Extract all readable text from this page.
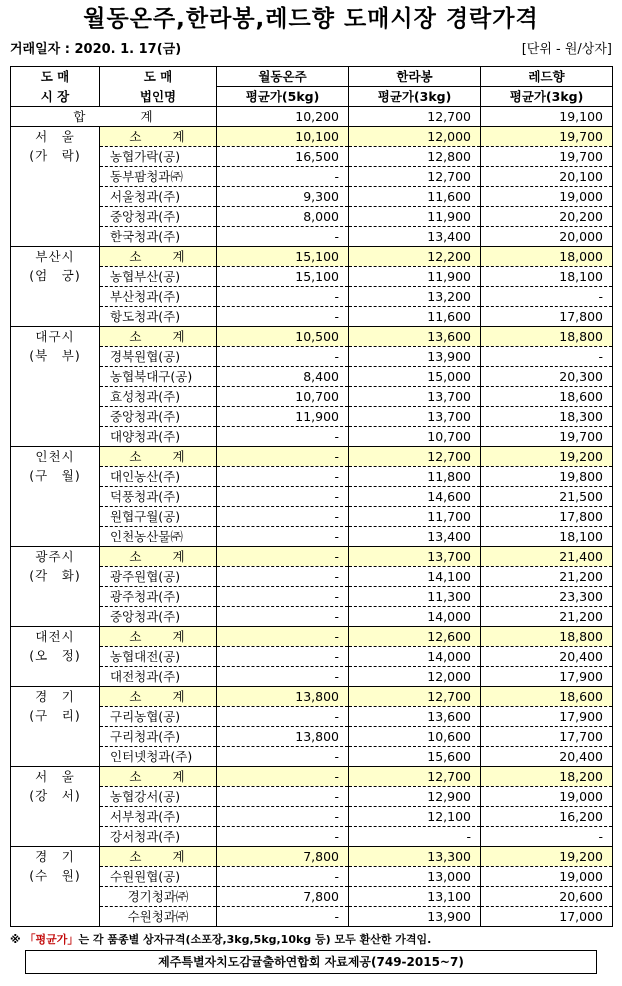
월동온주,한라봉,레드향 도매시장 경락가격
거래일자 : 2020. 1. 17(금)	[단위 - 원/상자]
도 매	도 매	월동온주	한라봉	레드향
시 장	법인명	평균가(5kg)	평균가(3kg)	평균가(3kg)
합　　　　계		10,200	12,700	19,100

서　울
(가　락)	소　　계	10,100	12,000	19,700
	농협가락(공)	16,500	12,800	19,700
	동부팜청과㈜	-	12,700	20,100
	서울청과(주)	9,300	11,600	19,000
	중앙청과(주)	8,000	11,900	20,200
	한국청과(주)	-	13,400	20,000

부산시
(엄　궁)	소　　계	15,100	12,200	18,000
	농협부산(공)	15,100	11,900	18,100
	부산청과(주)	-	13,200	-
	항도청과(주)	-	11,600	17,800

대구시
(북　부)	소　　계	10,500	13,600	18,800
	경북원협(공)	-	13,900	-
	농협북대구(공)	8,400	15,000	20,300
	효성청과(주)	10,700	13,700	18,600
	중앙청과(주)	11,900	13,700	18,300
	대양청과(주)	-	10,700	19,700

인천시
(구　월)	소　　계	-	12,700	19,200
	대인농산(주)	-	11,800	19,800
	덕풍청과(주)	-	14,600	21,500
	원협구월(공)	-	11,700	17,800
	인천농산물㈜	-	13,400	18,100

광주시
(각　화)	소　　계	-	13,700	21,400
	광주원협(공)	-	14,100	21,200
	광주청과(주)	-	11,300	23,300
	중앙청과(주)	-	14,000	21,200

대전시
(오　정)	소　　계	-	12,600	18,800
	농협대전(공)	-	14,000	20,400
	대전청과(주)	-	12,000	17,900

경　기
(구　리)	소　　계	13,800	12,700	18,600
	구리농협(공)	-	13,600	17,900
	구리청과(주)	13,800	10,600	17,700
	인터넷청과(주)	-	15,600	20,400

서　울
(강　서)	소　　계	-	12,700	18,200
	농협강서(공)	-	12,900	19,000
	서부청과(주)	-	12,100	16,200
	강서청과(주)	-	-	-

경　기
(수　원)	소　　계	7,800	13,300	19,200
	수원원협(공)	-	13,000	19,000
	경기청과㈜	7,800	13,100	20,600
	수원청과㈜	-	13,900	17,000
※ 「평균가」는 각 품종별 상자규격(소포장,3kg,5kg,10kg 등) 모두 환산한 가격임.
제주특별자치도감귤출하연합회 자료제공(749-2015~7)
